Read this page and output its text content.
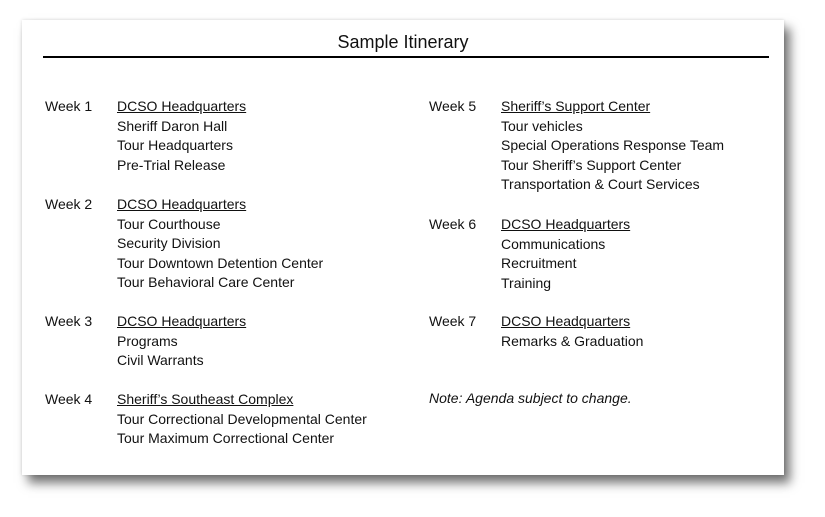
Sample Itinerary
Week 1 DCSO Headquarters
Sheriff Daron Hall
Tour Headquarters
Pre-Trial Release
Week 2 DCSO Headquarters
Tour Courthouse
Security Division
Tour Downtown Detention Center
Tour Behavioral Care Center
Week 3 DCSO Headquarters
Programs
Civil Warrants
Week 4 Sheriff’s Southeast Complex
Tour Correctional Developmental Center
Tour Maximum Correctional Center
Week 5 Sheriff’s Support Center
Tour vehicles
Special Operations Response Team
Tour Sheriff’s Support Center
Transportation & Court Services
Week 6 DCSO Headquarters
Communications
Recruitment
Training
Week 7 DCSO Headquarters
Remarks & Graduation
Note: Agenda subject to change.
